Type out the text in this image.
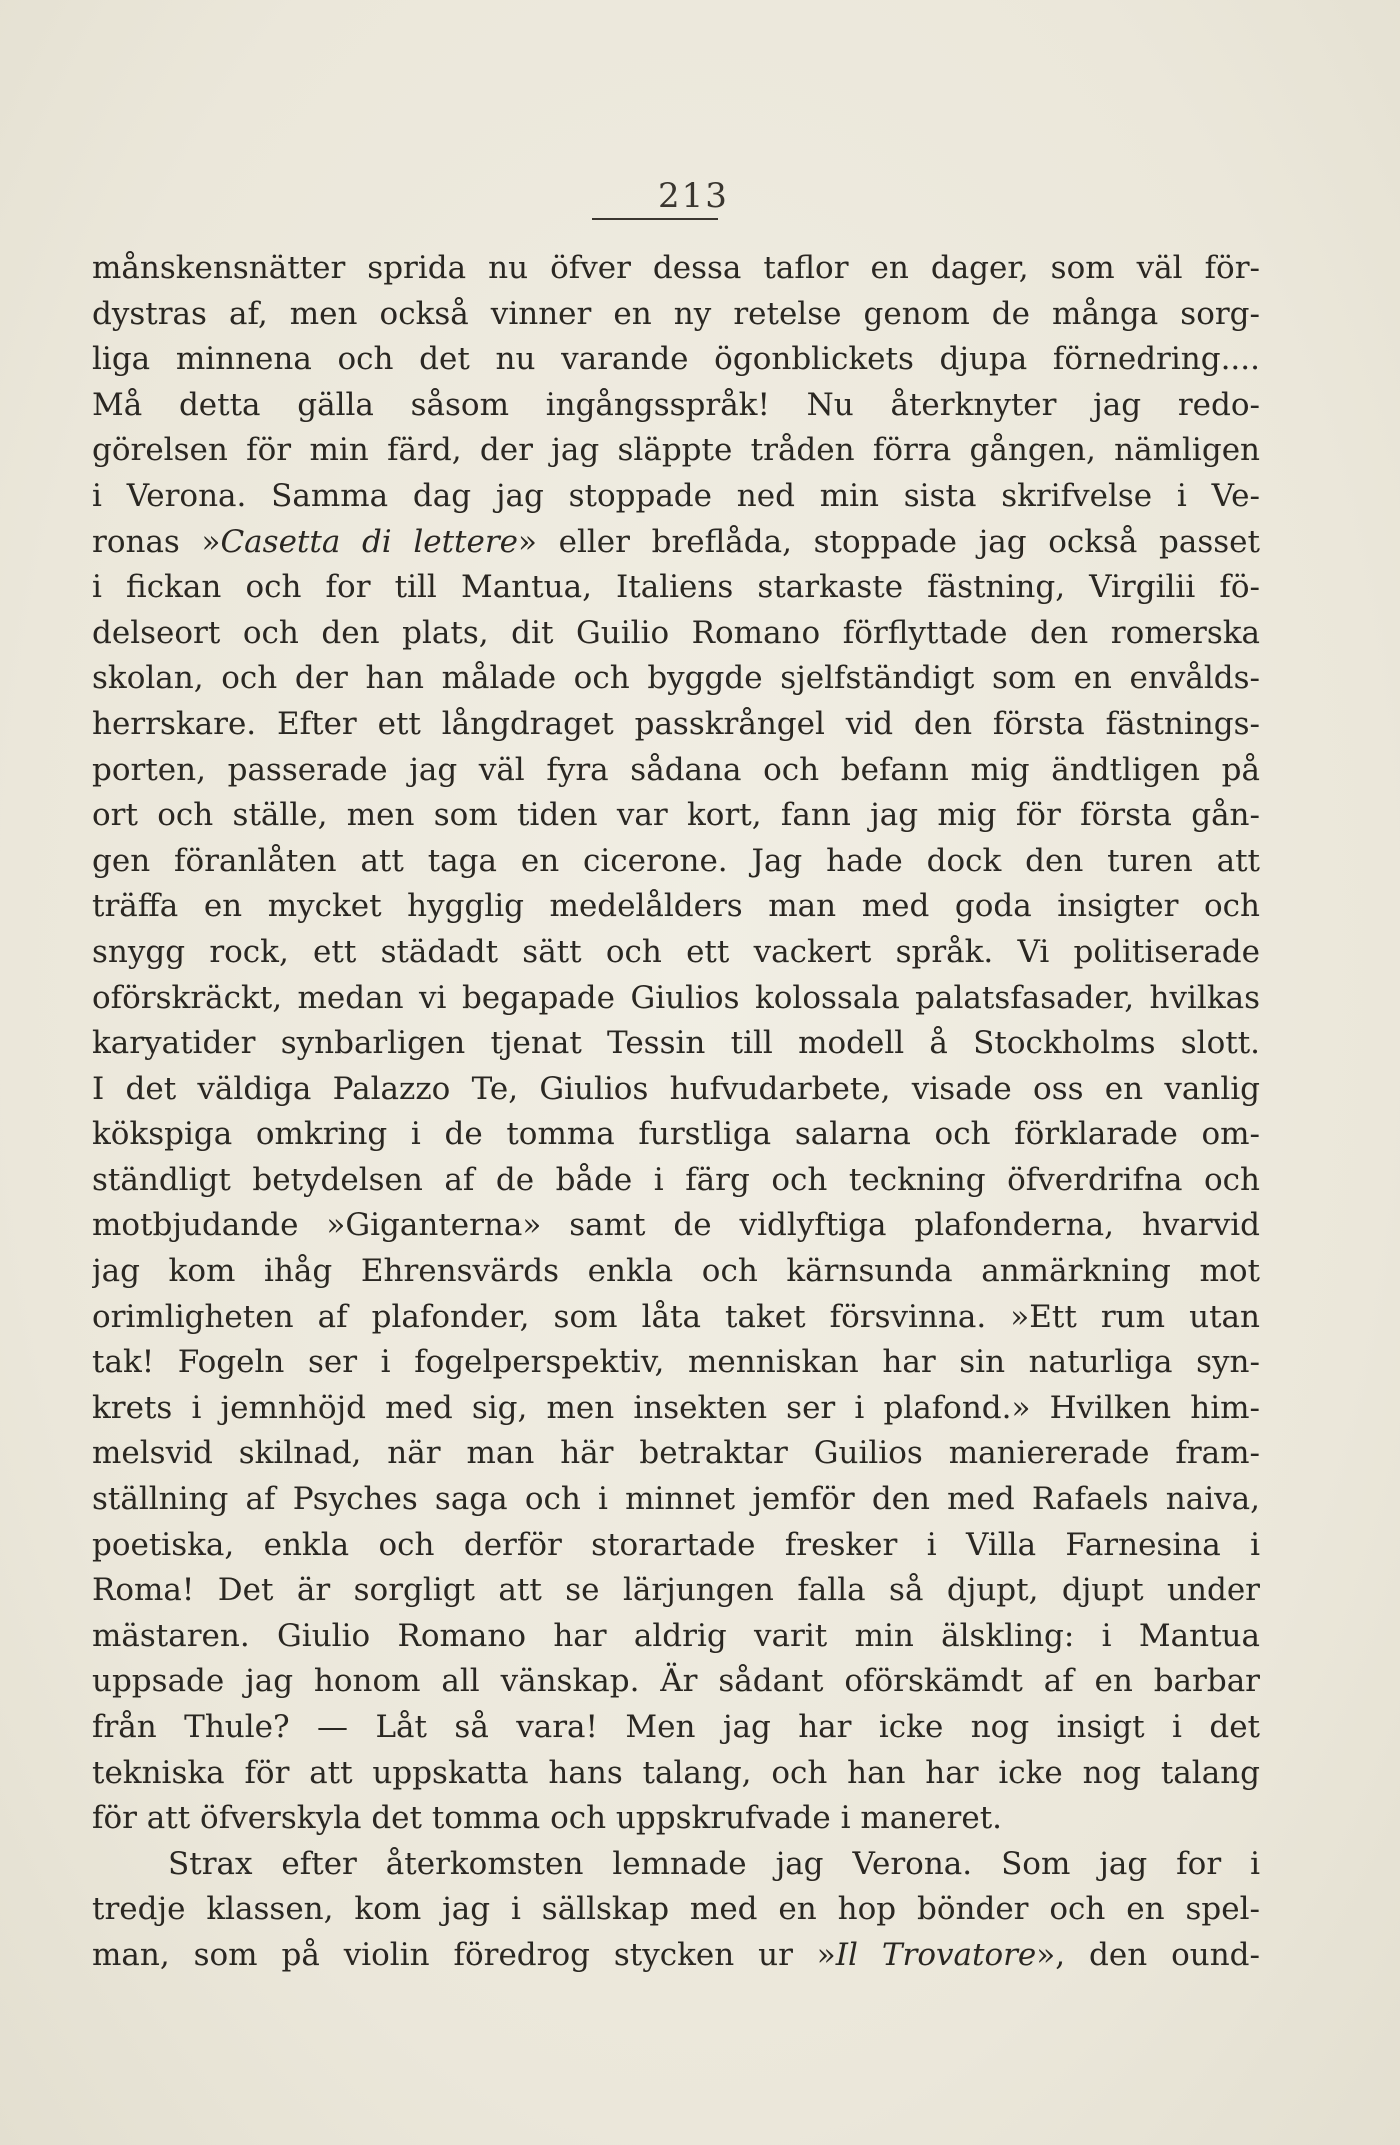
213
månskensnätter sprida nu öfver dessa taflor en dager, som väl för-
dystras af, men också vinner en ny retelse genom de många sorg-
liga minnena och det nu varande ögonblickets djupa förnedring....
Må detta gälla såsom ingångsspråk! Nu återknyter jag redo-
görelsen för min färd, der jag släppte tråden förra gången, nämligen
i Verona. Samma dag jag stoppade ned min sista skrifvelse i Ve-
ronas »Casetta di lettere» eller breflåda, stoppade jag också passet
i fickan och for till Mantua, Italiens starkaste fästning, Virgilii fö-
delseort och den plats, dit Guilio Romano förflyttade den romerska
skolan, och der han målade och byggde sjelfständigt som en envålds-
herrskare. Efter ett långdraget passkrångel vid den första fästnings-
porten, passerade jag väl fyra sådana och befann mig ändtligen på
ort och ställe, men som tiden var kort, fann jag mig för första gån-
gen föranlåten att taga en cicerone. Jag hade dock den turen att
träffa en mycket hygglig medelålders man med goda insigter och
snygg rock, ett städadt sätt och ett vackert språk. Vi politiserade
oförskräckt, medan vi begapade Giulios kolossala palatsfasader, hvilkas
karyatider synbarligen tjenat Tessin till modell å Stockholms slott.
I det väldiga Palazzo Te, Giulios hufvudarbete, visade oss en vanlig
kökspiga omkring i de tomma furstliga salarna och förklarade om-
ständligt betydelsen af de både i färg och teckning öfverdrifna och
motbjudande »Giganterna» samt de vidlyftiga plafonderna, hvarvid
jag kom ihåg Ehrensvärds enkla och kärnsunda anmärkning mot
orimligheten af plafonder, som låta taket försvinna. »Ett rum utan
tak! Fogeln ser i fogelperspektiv, menniskan har sin naturliga syn-
krets i jemnhöjd med sig, men insekten ser i plafond.» Hvilken him-
melsvid skilnad, när man här betraktar Guilios maniererade fram-
ställning af Psyches saga och i minnet jemför den med Rafaels naiva,
poetiska, enkla och derför storartade fresker i Villa Farnesina i
Roma! Det är sorgligt att se lärjungen falla så djupt, djupt under
mästaren. Giulio Romano har aldrig varit min älskling: i Mantua
uppsade jag honom all vänskap. Är sådant oförskämdt af en barbar
från Thule? — Låt så vara! Men jag har icke nog insigt i det
tekniska för att uppskatta hans talang, och han har icke nog talang
för att öfverskyla det tomma och uppskrufvade i maneret.
Strax efter återkomsten lemnade jag Verona. Som jag for i
tredje klassen, kom jag i sällskap med en hop bönder och en spel-
man, som på violin föredrog stycken ur »Il Trovatore», den ound-
